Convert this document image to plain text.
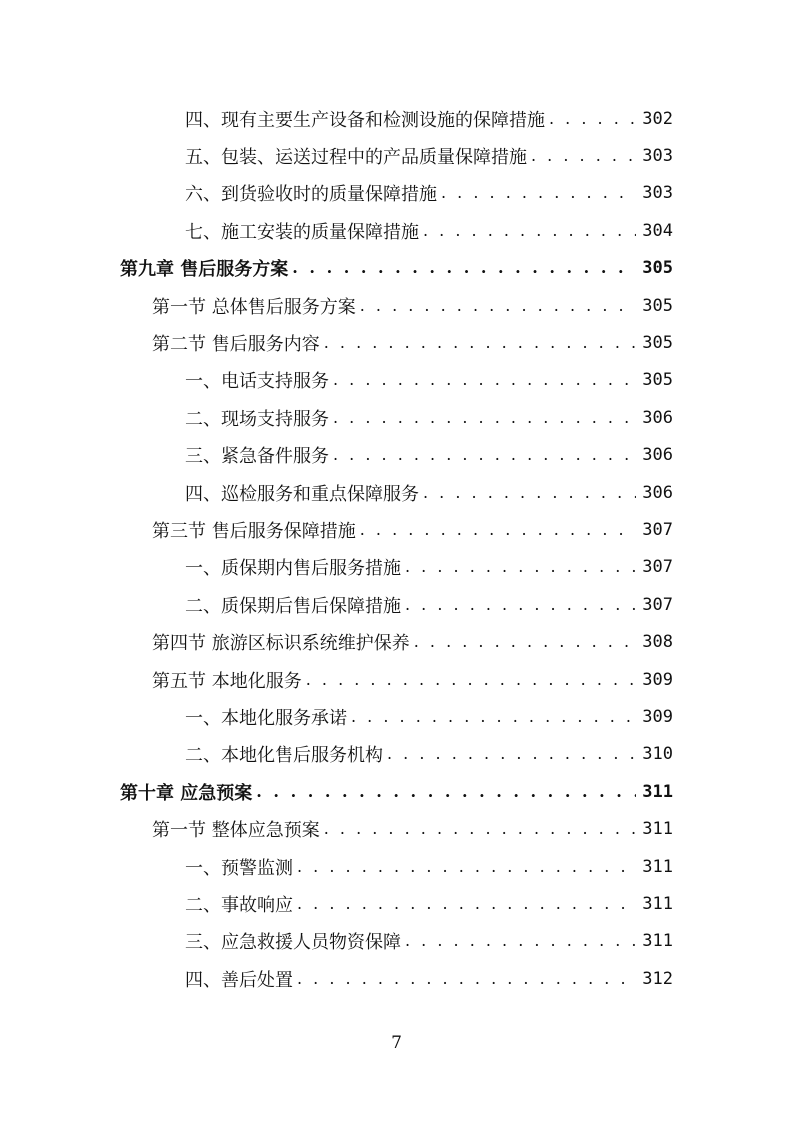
四、现有主要生产设备和检测设施的保障措施 . . .	302
五、包装、运送过程中的产品质量保障措施 . . .	303
六、到货验收时的质量保障措施 . . .	303
七、施工安装的质量保障措施 . . .	304
第九章 售后服务方案 . . .	305
第一节 总体售后服务方案 . . .	305
第二节 售后服务内容 . . .	305
一、电话支持服务 . . .	305
二、现场支持服务 . . .	306
三、紧急备件服务 . . .	306
四、巡检服务和重点保障服务 . . .	306
第三节 售后服务保障措施 . . .	307
一、质保期内售后服务措施 . . .	307
二、质保期后售后保障措施 . . .	307
第四节 旅游区标识系统维护保养 . . .	308
第五节 本地化服务 . . .	309
一、本地化服务承诺 . . .	309
二、本地化售后服务机构 . . .	310
第十章 应急预案 . . .	311
第一节 整体应急预案 . . .	311
一、预警监测 . . .	311
二、事故响应 . . .	311
三、应急救援人员物资保障 . . .	311
四、善后处置 . . .	312
7
